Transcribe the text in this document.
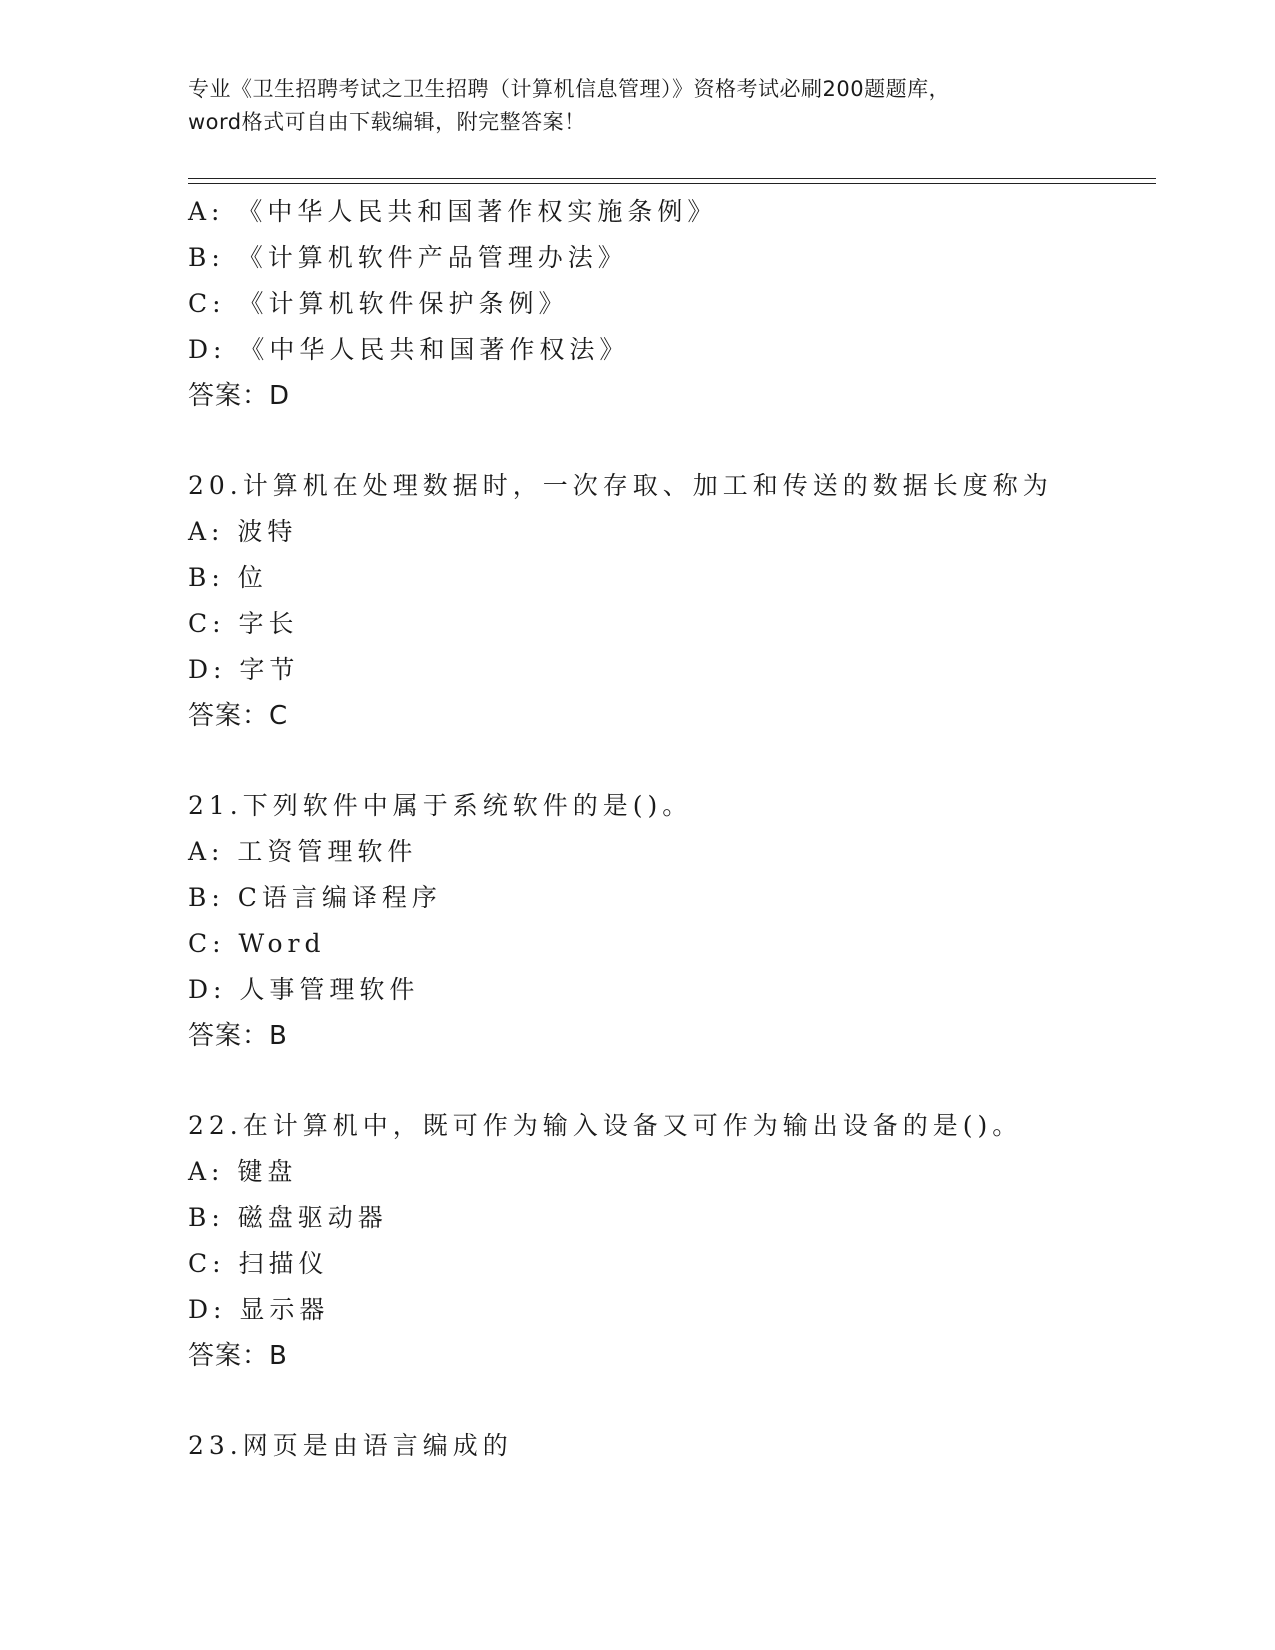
专业《卫生招聘考试之卫生招聘（计算机信息管理）》资格考试必刷200题题库，
word格式可自由下载编辑，附完整答案！
A: 《中华人民共和国著作权实施条例》
B: 《计算机软件产品管理办法》
C: 《计算机软件保护条例》
D: 《中华人民共和国著作权法》
答案：D
20.计算机在处理数据时，一次存取、加工和传送的数据长度称为
A: 波特
B: 位
C: 字长
D: 字节
答案：C
21.下列软件中属于系统软件的是()。
A: 工资管理软件
B: C语言编译程序
C: Word
D: 人事管理软件
答案：B
22.在计算机中，既可作为输入设备又可作为输出设备的是()。
A: 键盘
B: 磁盘驱动器
C: 扫描仪
D: 显示器
答案：B
23.网页是由语言编成的
